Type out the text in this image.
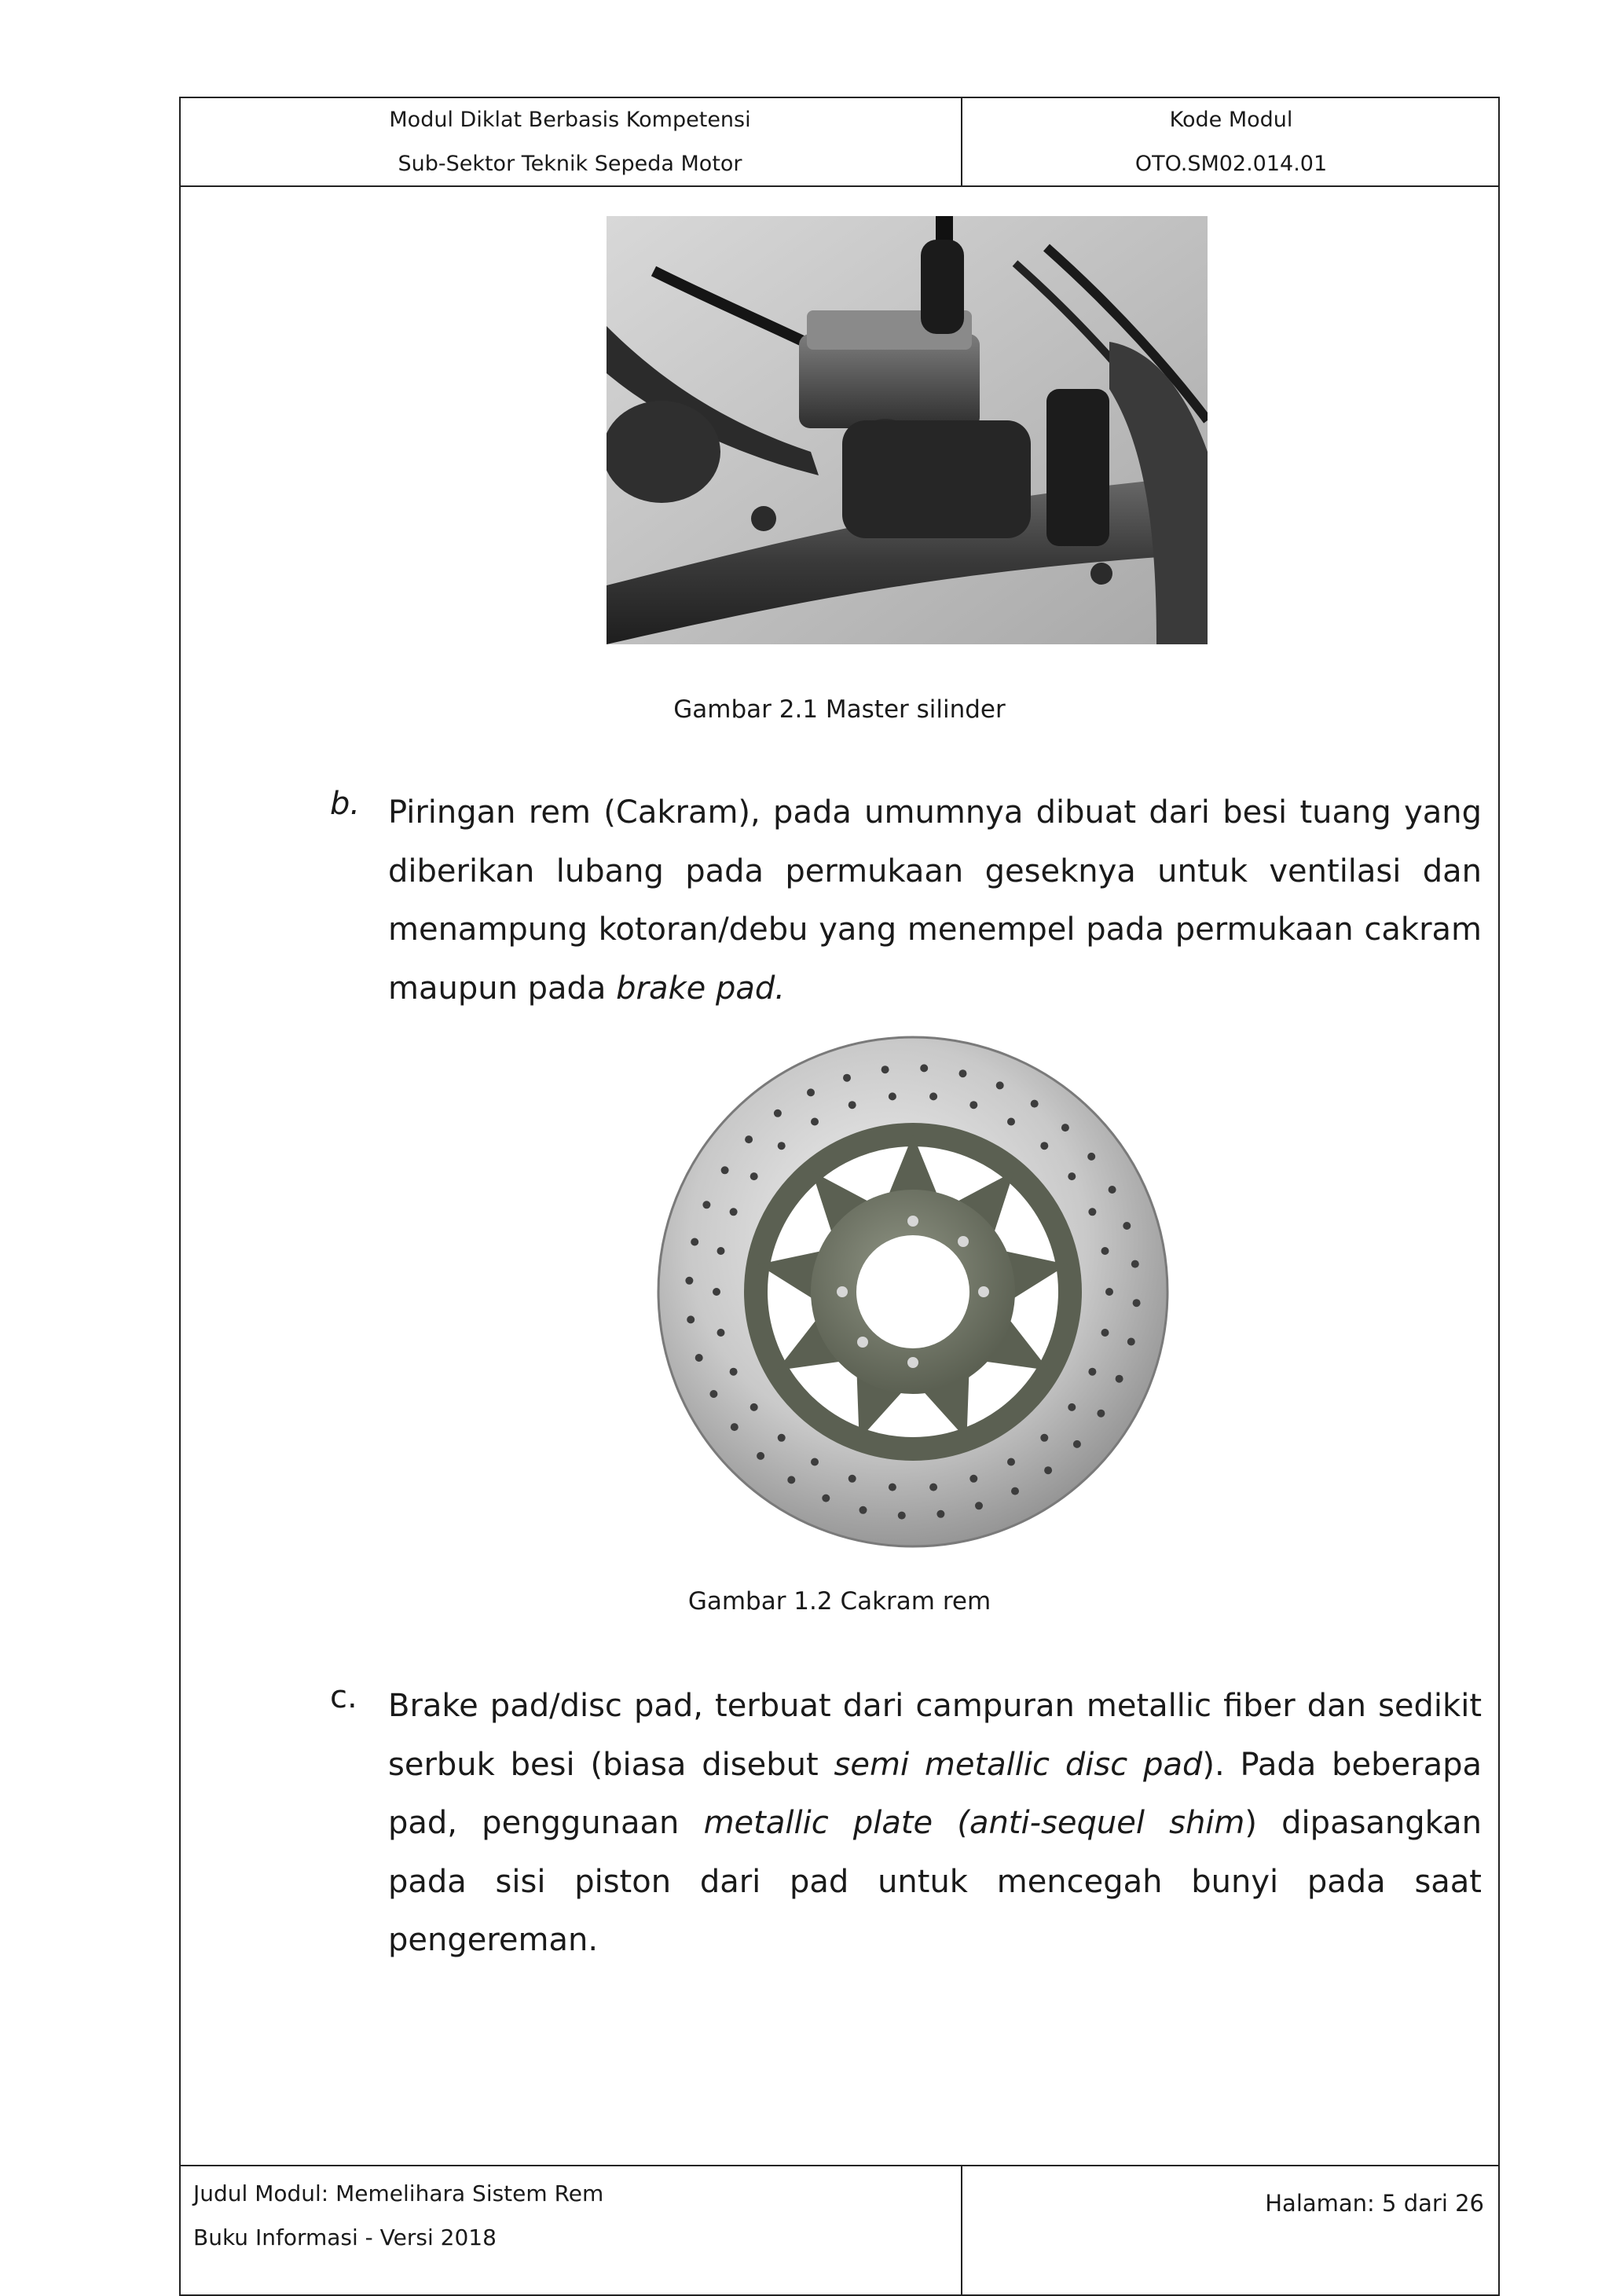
Modul Diklat Berbasis Kompetensi
Sub-Sektor Teknik Sepeda Motor
Kode Modul
OTO.SM02.014.01
Gambar 2.1 Master silinder
b. Piringan rem (Cakram), pada umumnya dibuat dari besi tuang yang diberikan lubang pada permukaan geseknya untuk ventilasi dan menampung kotoran/debu yang menempel pada permukaan cakram maupun pada brake pad.

Gambar 1.2 Cakram rem
c. Brake pad/disc pad, terbuat dari campuran metallic fiber dan sedikit serbuk besi (biasa disebut semi metallic disc pad). Pada beberapa pad, penggunaan metallic plate (anti-sequel shim) dipasangkan pada sisi piston dari pad untuk mencegah bunyi pada saat pengereman.

Judul Modul: Memelihara Sistem Rem
Buku Informasi - Versi 2018
Halaman: 5 dari 26
